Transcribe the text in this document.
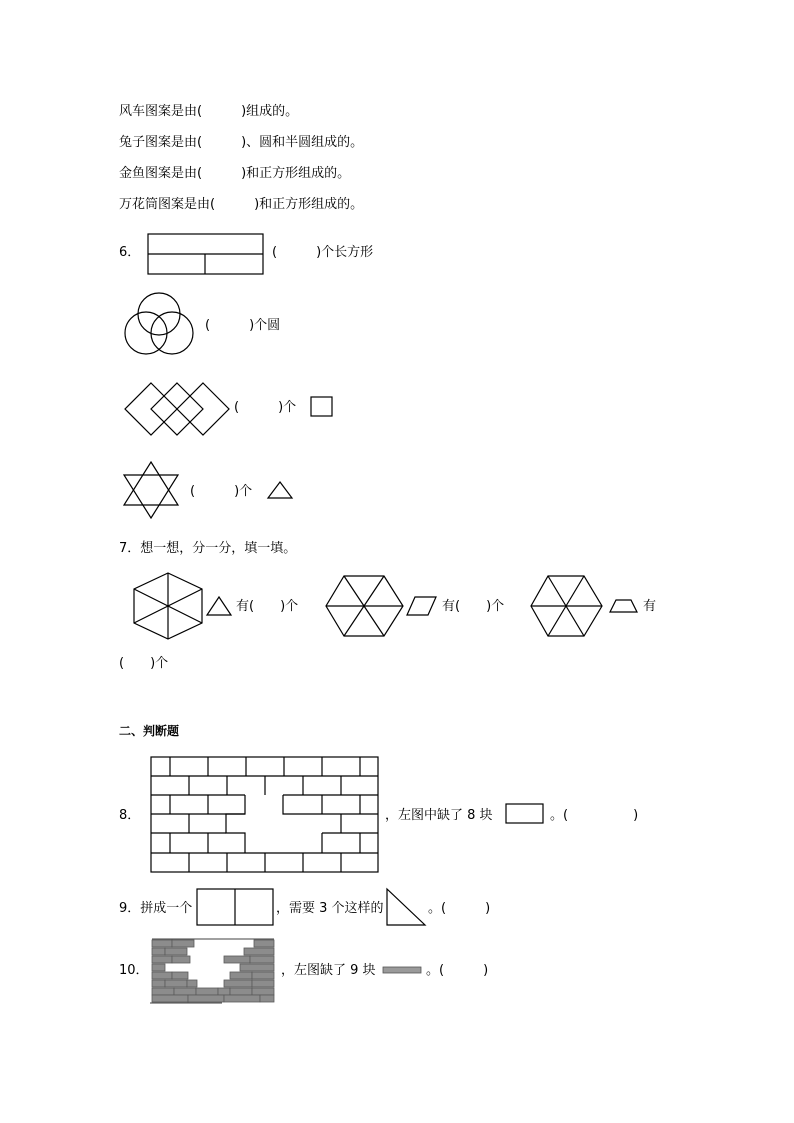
风车图案是由(　　　)组成的。
兔子图案是由(　　　)、圆和半圆组成的。
金鱼图案是由(　　　)和正方形组成的。
万花筒图案是由(　　　)和正方形组成的。
6．	(　　　)个长方形
(　　　)个圆
(　　　)个
(　　　)个
7．想一想，分一分，填一填。
有(　　)个	有(　　)个	有
(　　)个
二、判断题
8．	，左图中缺了 8 块	。(　　　　　)
9．拼成一个	，需要 3 个这样的	。(　　　)
10．	，左图缺了 9 块	。(　　　)
